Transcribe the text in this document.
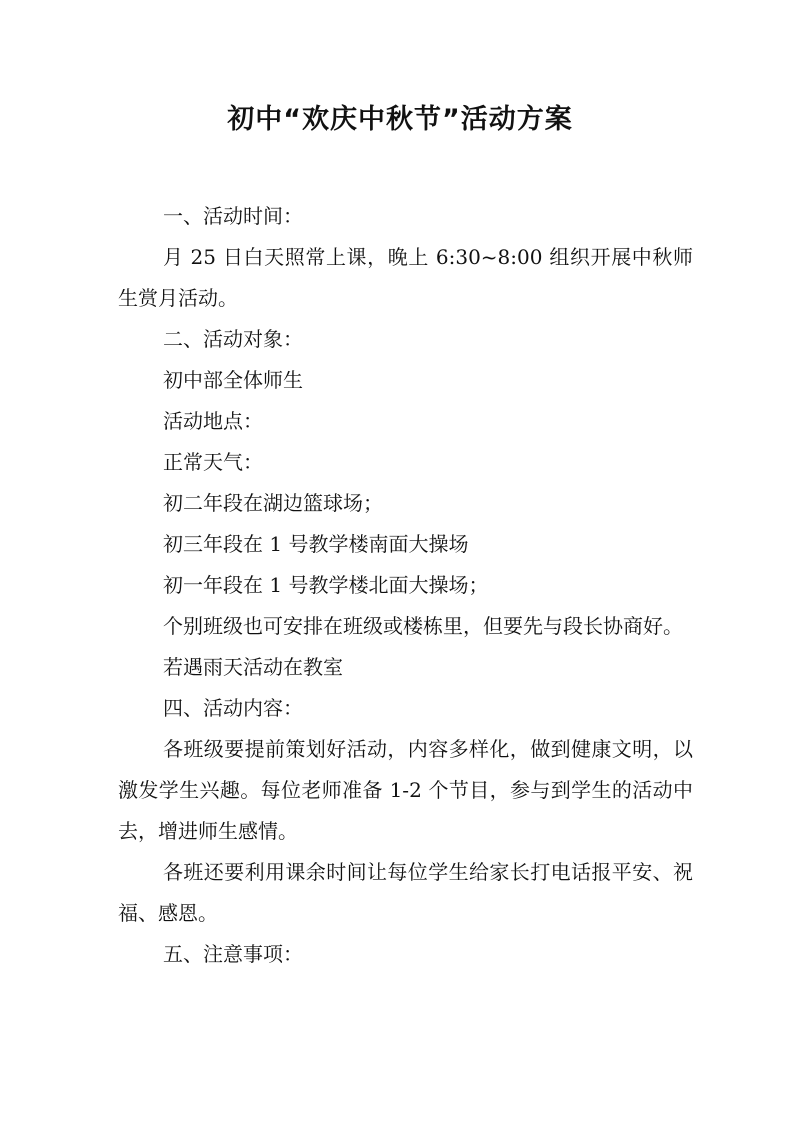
初中“欢庆中秋节”活动方案

一、活动时间：

月 25 日白天照常上课，晚上 6:30~8:00 组织开展中秋师生赏月活动。

二、活动对象：

初中部全体师生

活动地点：

正常天气：

初二年段在湖边篮球场；

初三年段在 1 号教学楼南面大操场

初一年段在 1 号教学楼北面大操场；

个别班级也可安排在班级或楼栋里，但要先与段长协商好。

若遇雨天活动在教室

四、活动内容：

各班级要提前策划好活动，内容多样化，做到健康文明，以激发学生兴趣。每位老师准备 1-2 个节目，参与到学生的活动中去，增进师生感情。

各班还要利用课余时间让每位学生给家长打电话报平安、祝福、感恩。

五、注意事项：
